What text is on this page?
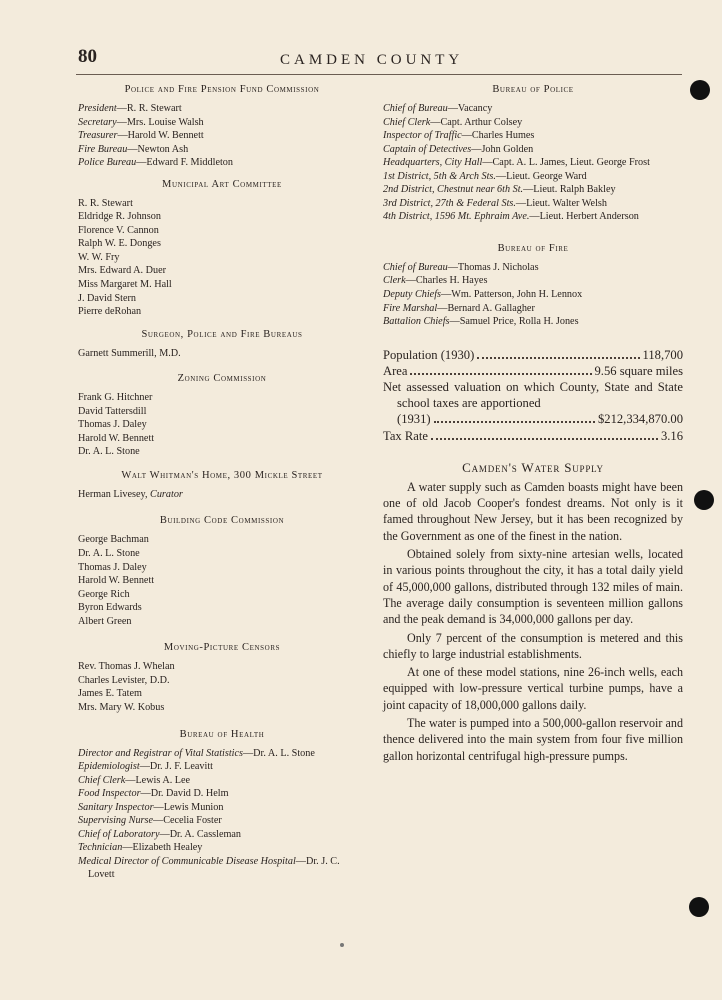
80	CAMDEN COUNTY
Police and Fire Pension Fund Commission
President—R. R. Stewart
Secretary—Mrs. Louise Walsh
Treasurer—Harold W. Bennett
Fire Bureau—Newton Ash
Police Bureau—Edward F. Middleton
Municipal Art Committee
R. R. Stewart
Eldridge R. Johnson
Florence V. Cannon
Ralph W. E. Donges
W. W. Fry
Mrs. Edward A. Duer
Miss Margaret M. Hall
J. David Stern
Pierre deRohan
Surgeon, Police and Fire Bureaus
Garnett Summerill, M.D.
Zoning Commission
Frank G. Hitchner
David Tattersdill
Thomas J. Daley
Harold W. Bennett
Dr. A. L. Stone
Walt Whitman's Home, 300 Mickle Street
Herman Livesey, Curator
Building Code Commission
George Bachman
Dr. A. L. Stone
Thomas J. Daley
Harold W. Bennett
George Rich
Byron Edwards
Albert Green
Moving-Picture Censors
Rev. Thomas J. Whelan
Charles Levister, D.D.
James E. Tatem
Mrs. Mary W. Kobus
Bureau of Health
Director and Registrar of Vital Statistics—Dr. A. L. Stone
Epidemiologist—Dr. J. F. Leavitt
Chief Clerk—Lewis A. Lee
Food Inspector—Dr. David D. Helm
Sanitary Inspector—Lewis Munion
Supervising Nurse—Cecelia Foster
Chief of Laboratory—Dr. A. Cassleman
Technician—Elizabeth Healey
Medical Director of Communicable Disease Hospital—Dr. J. C. Lovett
Bureau of Police
Chief of Bureau—Vacancy
Chief Clerk—Capt. Arthur Colsey
Inspector of Traffic—Charles Humes
Captain of Detectives—John Golden
Headquarters, City Hall—Capt. A. L. James, Lieut. George Frost
1st District, 5th & Arch Sts.—Lieut. George Ward
2nd District, Chestnut near 6th St.—Lieut. Ralph Bakley
3rd District, 27th & Federal Sts.—Lieut. Walter Welsh
4th District, 1596 Mt. Ephraim Ave.—Lieut. Herbert Anderson
Bureau of Fire
Chief of Bureau—Thomas J. Nicholas
Clerk—Charles H. Hayes
Deputy Chiefs—Wm. Patterson, John H. Lennox
Fire Marshal—Bernard A. Gallagher
Battalion Chiefs—Samuel Price, Rolla H. Jones
Population (1930)	118,700
Area	9.56 square miles
Net assessed valuation on which County, State and State school taxes are apportioned
(1931)	$212,334,870.00
Tax Rate	3.16
Camden's Water Supply

A water supply such as Camden boasts might have been one of old Jacob Cooper's fondest dreams. Not only is it famed throughout New Jersey, but it has been recognized by the Government as one of the finest in the nation.

Obtained solely from sixty-nine artesian wells, located in various points throughout the city, it has a total daily yield of 45,000,000 gallons, distributed through 132 miles of main. The average daily consumption is seventeen million gallons and the peak demand is 34,000,000 gallons per day.

Only 7 percent of the consumption is metered and this chiefly to large industrial establishments.

At one of these model stations, nine 26-inch wells, each equipped with low-pressure vertical turbine pumps, have a joint capacity of 18,000,000 gallons daily.

The water is pumped into a 500,000-gallon reservoir and thence delivered into the main system from four five million gallon horizontal centrifugal high-pressure pumps.
